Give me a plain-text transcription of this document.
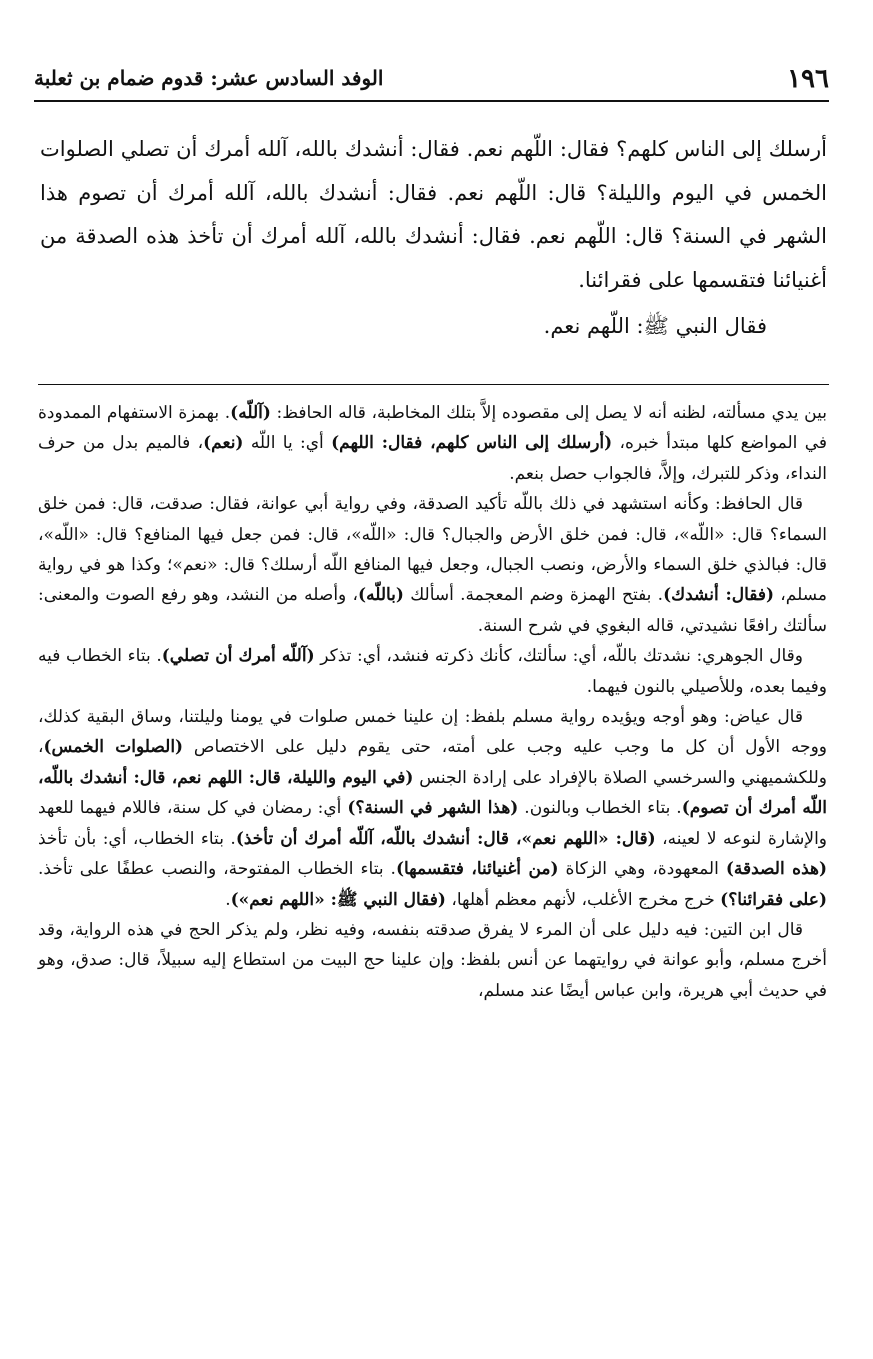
١٩٦
الوفد السادس عشر: قدوم ضمام بن ثعلبة

أرسلك إلى الناس كلهم؟ فقال: اللّهم نعم. فقال: أنشدك بالله، آلله أمرك أن تصلي الصلوات الخمس في اليوم والليلة؟ قال: اللّهم نعم. فقال: أنشدك بالله، آلله أمرك أن تصوم هذا الشهر في السنة؟ قال: اللّهم نعم. فقال: أنشدك بالله، آلله أمرك أن تأخذ هذه الصدقة من أغنيائنا فتقسمها على فقرائنا.

فقال النبي ﷺ: اللّهم نعم.

بين يدي مسألته، لظنه أنه لا يصل إلى مقصوده إلاَّ بتلك المخاطبة، قاله الحافظ: (آللّه). بهمزة الاستفهام الممدودة في المواضع كلها مبتدأ خبره، (أرسلك إلى الناس كلهم، فقال: اللهم) أي: يا اللّه (نعم)، فالميم بدل من حرف النداء، وذكر للتبرك، وإلاَّ، فالجواب حصل بنعم.

قال الحافظ: وكأنه استشهد في ذلك باللّه تأكيد الصدقة، وفي رواية أبي عوانة، فقال: صدقت، قال: فمن خلق السماء؟ قال: «اللّه»، قال: فمن خلق الأرض والجبال؟ قال: «اللّه»، قال: فمن جعل فيها المنافع؟ قال: «اللّه»، قال: فبالذي خلق السماء والأرض، ونصب الجبال، وجعل فيها المنافع اللّه أرسلك؟ قال: «نعم»؛ وكذا هو في رواية مسلم، (فقال: أنشدك). بفتح الهمزة وضم المعجمة. أسألك (باللّه)، وأصله من النشد، وهو رفع الصوت والمعنى: سألتك رافعًا نشيدتي، قاله البغوي في شرح السنة.

وقال الجوهري: نشدتك باللّه، أي: سألتك، كأنك ذكرته فنشد، أي: تذكر (آللّه أمرك أن تصلي). بتاء الخطاب فيه وفيما بعده، وللأصيلي بالنون فيهما.

قال عياض: وهو أوجه ويؤيده رواية مسلم بلفظ: إن علينا خمس صلوات في يومنا وليلتنا، وساق البقية كذلك، ووجه الأول أن كل ما وجب عليه وجب على أمته، حتى يقوم دليل على الاختصاص (الصلوات الخمس)، وللكشميهني والسرخسي الصلاة بالإفراد على إرادة الجنس (في اليوم والليلة، قال: اللهم نعم، قال: أنشدك باللّه، اللّه أمرك أن تصوم). بتاء الخطاب وبالنون. (هذا الشهر في السنة؟) أي: رمضان في كل سنة، فاللام فيهما للعهد والإشارة لنوعه لا لعينه، (قال: «اللهم نعم»، قال: أنشدك باللّه، آللّه أمرك أن تأخذ). بتاء الخطاب، أي: بأن تأخذ (هذه الصدقة) المعهودة، وهي الزكاة (من أغنيائنا، فتقسمها). بتاء الخطاب المفتوحة، والنصب عطفًا على تأخذ. (على فقرائنا؟) خرج مخرج الأغلب، لأنهم معظم أهلها، (فقال النبي ﷺ: «اللهم نعم»).

قال ابن التين: فيه دليل على أن المرء لا يفرق صدقته بنفسه، وفيه نظر، ولم يذكر الحج في هذه الرواية، وقد أخرج مسلم، وأبو عوانة في روايتهما عن أنس بلفظ: وإن علينا حج البيت من استطاع إليه سبيلاً، قال: صدق، وهو في حديث أبي هريرة، وابن عباس أيضًا عند مسلم،
